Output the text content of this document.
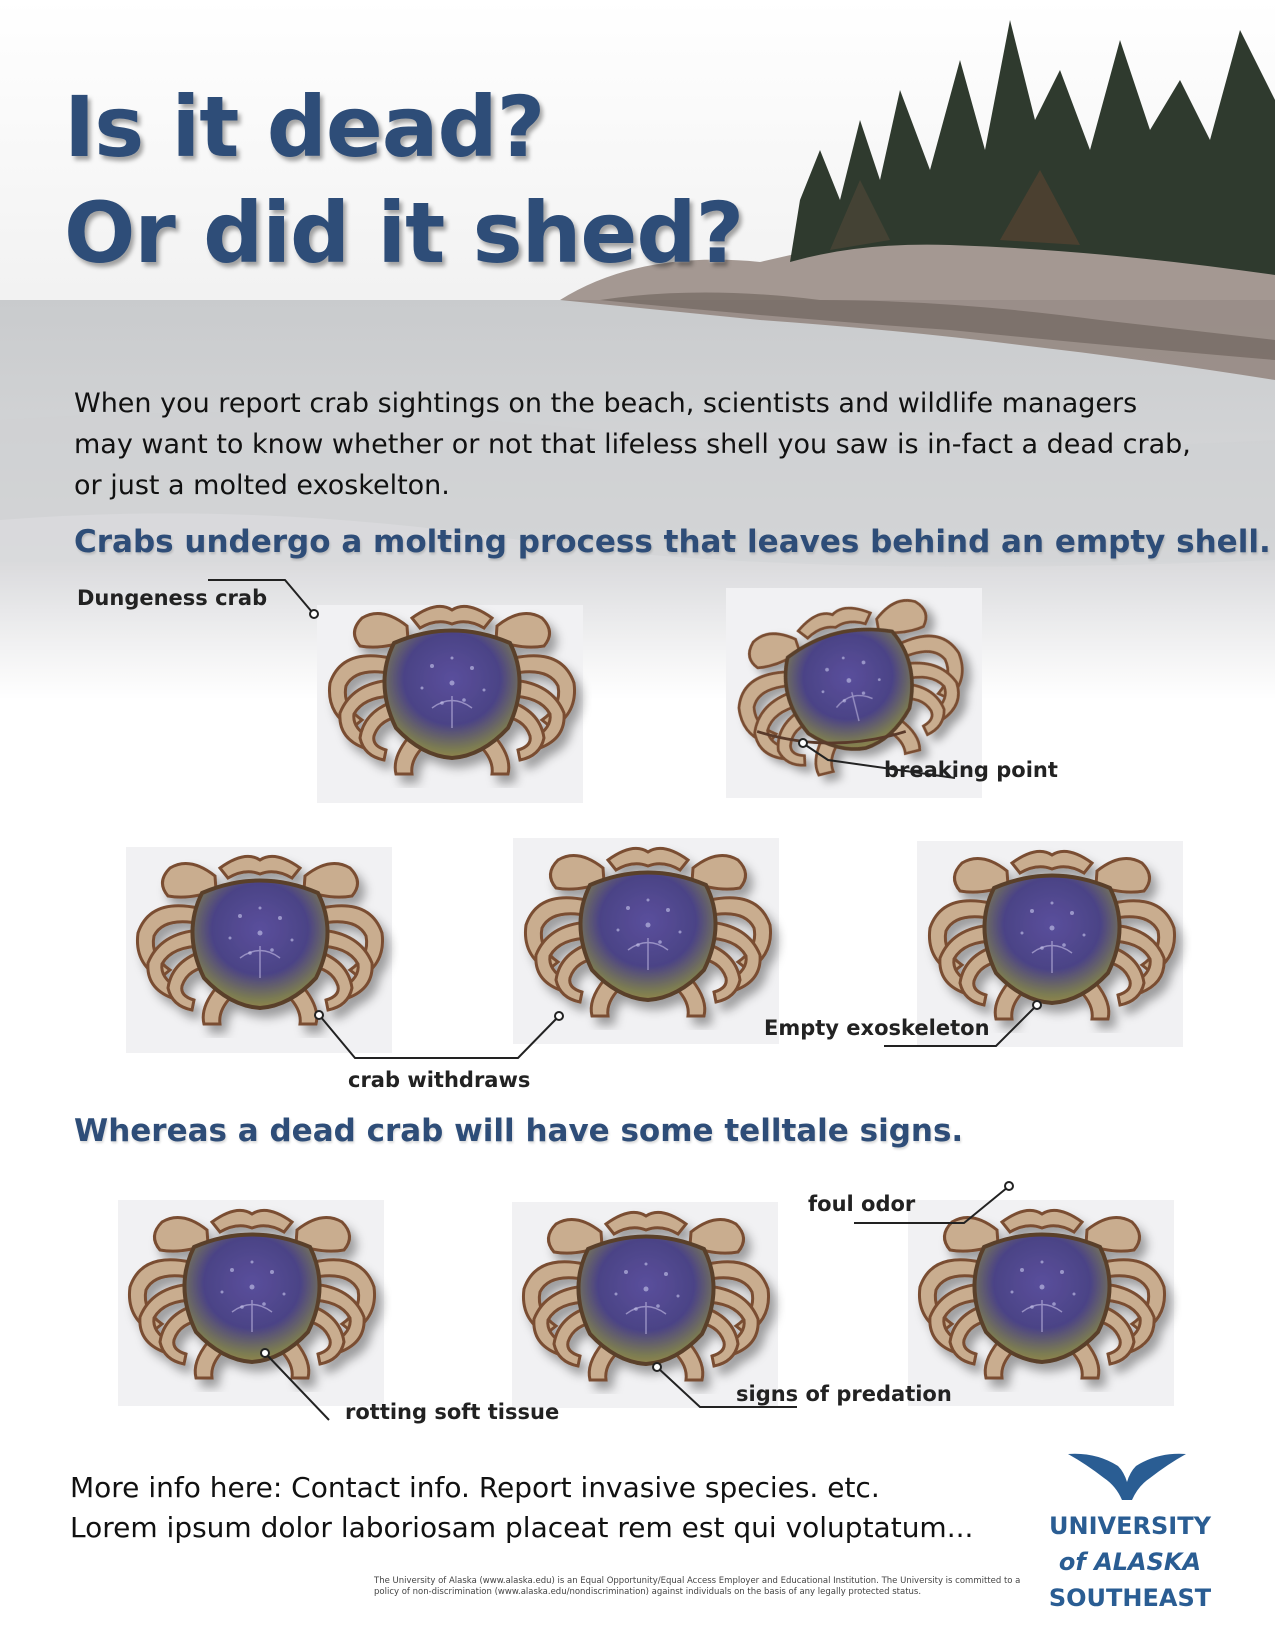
Is it dead?
Or did it shed?
When you report crab sightings on the beach, scientists and wildlife managers may want to know whether or not that lifeless shell you saw is in-fact a dead crab, or just a molted exoskelton.
Crabs undergo a molting process that leaves behind an empty shell.
Dungeness crab
breaking point
crab withdraws
Empty exoskeleton
Whereas a dead crab will have some telltale signs.
rotting soft tissue
signs of predation
foul odor
More info here: Contact info. Report invasive species. etc.
Lorem ipsum dolor laboriosam placeat rem est qui voluptatum...
The University of Alaska (www.alaska.edu) is an Equal Opportunity/Equal Access Employer and Educational Institution. The University is committed to a policy of non-discrimination (www.alaska.edu/nondiscrimination) against individuals on the basis of any legally protected status.
UNIVERSITY
of ALASKA
SOUTHEAST
